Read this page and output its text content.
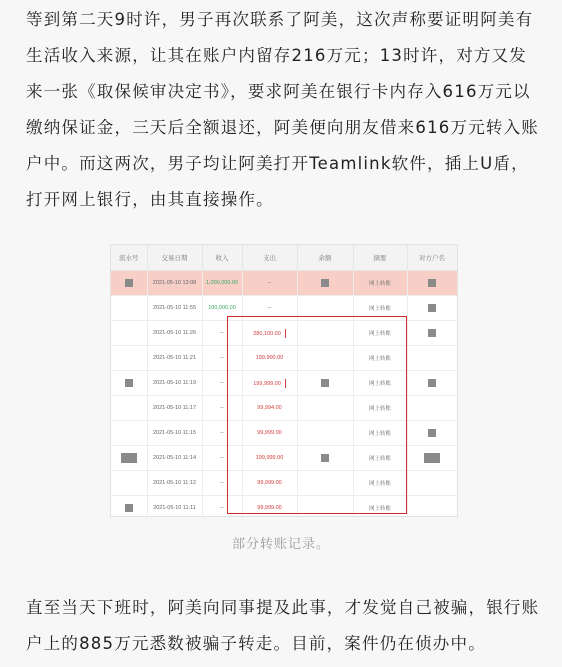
等到第二天9时许，男子再次联系了阿美，这次声称要证明阿美有生活收入来源，让其在账户内留存216万元；13时许，对方又发来一张《取保候审决定书》，要求阿美在银行卡内存入616万元以缴纳保证金，三天后全额退还，阿美便向朋友借来616万元转入账户中。而这两次，男子均让阿美打开Teamlink软件，插上U盾，打开网上银行，由其直接操作。
流水号	交易日期	收入	支出	余额	摘要	对方户名
	2021-05-10 13:08	1,000,000.00	--		网上转账	
	2021-05-10 11:55	100,000.00	--		网上转账	
	2021-05-10 11:26	--	280,100.00		网上转账	
	2021-05-10 11:21	--	199,900.00		网上转账	
	2021-05-10 11:19	--	199,999.00		网上转账	
	2021-05-10 11:17	--	99,994.00		网上转账	
	2021-05-10 11:15	--	99,999.00		网上转账	
	2021-05-10 11:14	--	199,999.00		网上转账	
	2021-05-10 11:12	--	99,999.00		网上转账	
	2021-05-10 11:11	--	99,999.00		网上转账	
部分转账记录。
直至当天下班时，阿美向同事提及此事，才发觉自己被骗，银行账户上的885万元悉数被骗子转走。目前，案件仍在侦办中。
